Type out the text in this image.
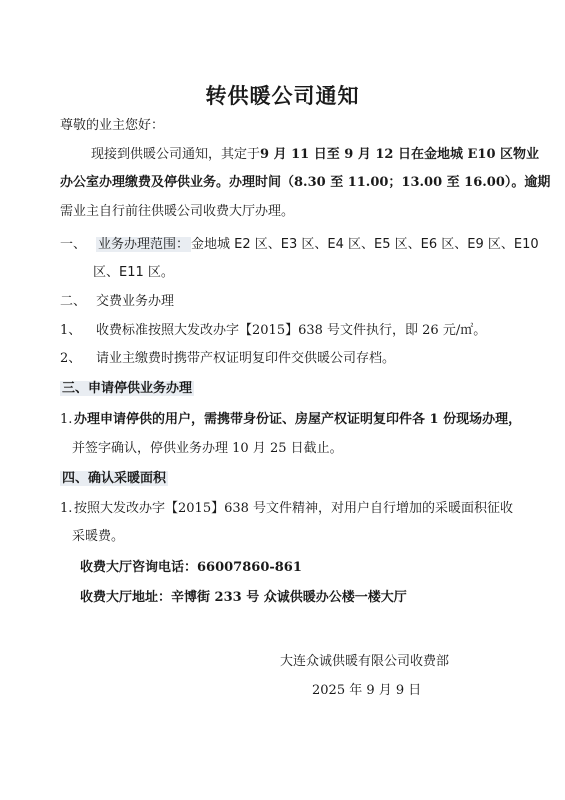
转供暖公司通知
尊敬的业主您好：
现接到供暖公司通知，其定于9 月 11 日至 9 月 12 日在金地城 E10 区物业
办公室办理缴费及停供业务。办理时间（8.30 至 11.00；13.00 至 16.00）。逾期
需业主自行前往供暖公司收费大厅办理。
一、 业务办理范围： 金地城 E2 区、E3 区、E4 区、E5 区、E6 区、E9 区、E10
区、E11 区。
二、 交费业务办理
1、 收费标准按照大发改办字【2015】638 号文件执行，即 26 元/㎡。
2、 请业主缴费时携带产权证明复印件交供暖公司存档。
三、申请停供业务办理
1. 办理申请停供的用户，需携带身份证、房屋产权证明复印件各 1 份现场办理，
并签字确认，停供业务办理 10 月 25 日截止。
四、确认采暖面积
1. 按照大发改办字【2015】638 号文件精神，对用户自行增加的采暖面积征收
采暖费。
收费大厅咨询电话：66007860-861
收费大厅地址：辛博街 233 号 众诚供暖办公楼一楼大厅
大连众诚供暖有限公司收费部
2025 年 9 月 9 日
